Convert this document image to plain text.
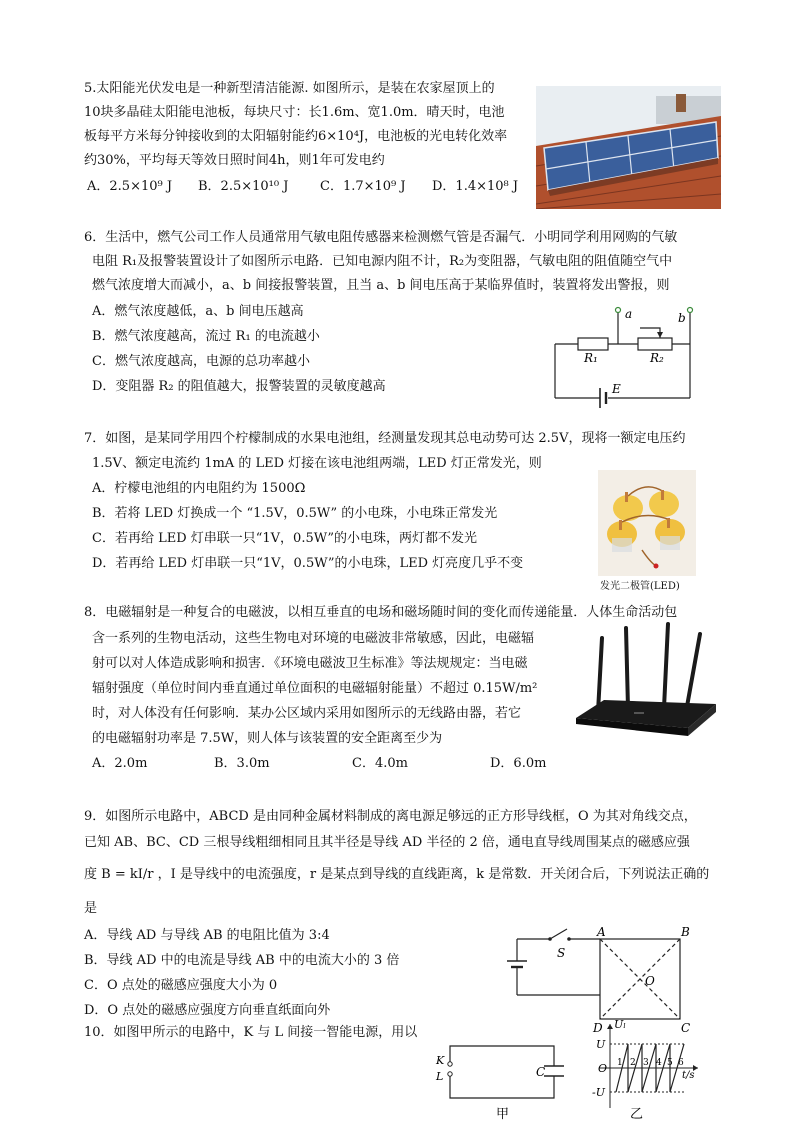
5.太阳能光伏发电是一种新型清洁能源. 如图所示，是装在农家屋顶上的
10块多晶硅太阳能电池板，每块尺寸：长1.6m、宽1.0m．晴天时，电池
板每平方米每分钟接收到的太阳辐射能约6×10⁴J，电池板的光电转化效率
约30%，平均每天等效日照时间4h，则1年可发电约
A．2.5×10⁹ J B．2.5×10¹⁰ J C．1.7×10⁹ J D．1.4×10⁸ J
6．生活中，燃气公司工作人员通常用气敏电阻传感器来检测燃气管是否漏气．小明同学利用网购的气敏
电阻 R₁及报警装置设计了如图所示电路．已知电源内阻不计，R₂为变阻器，气敏电阻的阻值随空气中
燃气浓度增大而减小，a、b 间接报警装置，且当 a、b 间电压高于某临界值时，装置将发出警报，则
A．燃气浓度越低，a、b 间电压越高
B．燃气浓度越高，流过 R₁ 的电流越小
C．燃气浓度越高，电源的总功率越小
D．变阻器 R₂ 的阻值越大，报警装置的灵敏度越高
a	b
R₁	R₂
E
7．如图，是某同学用四个柠檬制成的水果电池组，经测量发现其总电动势可达 2.5V，现将一额定电压约
1.5V、额定电流约 1mA 的 LED 灯接在该电池组两端，LED 灯正常发光，则
A．柠檬电池组的内电阻约为 1500Ω
B．若将 LED 灯换成一个 “1.5V，0.5W” 的小电珠，小电珠正常发光
C．若再给 LED 灯串联一只“1V，0.5W”的小电珠，两灯都不发光
D．若再给 LED 灯串联一只“1V，0.5W”的小电珠，LED 灯亮度几乎不变
发光二极管(LED)
8．电磁辐射是一种复合的电磁波，以相互垂直的电场和磁场随时间的变化而传递能量．人体生命活动包
含一系列的生物电活动，这些生物电对环境的电磁波非常敏感，因此，电磁辐
射可以对人体造成影响和损害．《环境电磁波卫生标准》等法规规定：当电磁
辐射强度（单位时间内垂直通过单位面积的电磁辐射能量）不超过 0.15W/m²
时，对人体没有任何影响．某办公区域内采用如图所示的无线路由器，若它
的电磁辐射功率是 7.5W，则人体与该装置的安全距离至少为
A．2.0m	B．3.0m	C．4.0m	D．6.0m
9．如图所示电路中，ABCD 是由同种金属材料制成的离电源足够远的正方形导线框，O 为其对角线交点，
已知 AB、BC、CD 三根导线粗细相同且其半径是导线 AD 半径的 2 倍，通电直导线周围某点的磁感应强
度 B = kI/r ，I 是导线中的电流强度，r 是某点到导线的直线距离，k 是常数．开关闭合后，下列说法正确的
是
A．导线 AD 与导线 AB 的电阻比值为 3:4
B．导线 AD 中的电流是导线 AB 中的电流大小的 3 倍
C．O 点处的磁感应强度大小为 0
D．O 点处的磁感应强度方向垂直纸面向外
A	B
C
D
O
S
10．如图甲所示的电路中，K 与 L 间接一智能电源，用以
K
L	C
甲
Uₗ
U
-U
O
t/s
1 2 3 4 5 6
乙
